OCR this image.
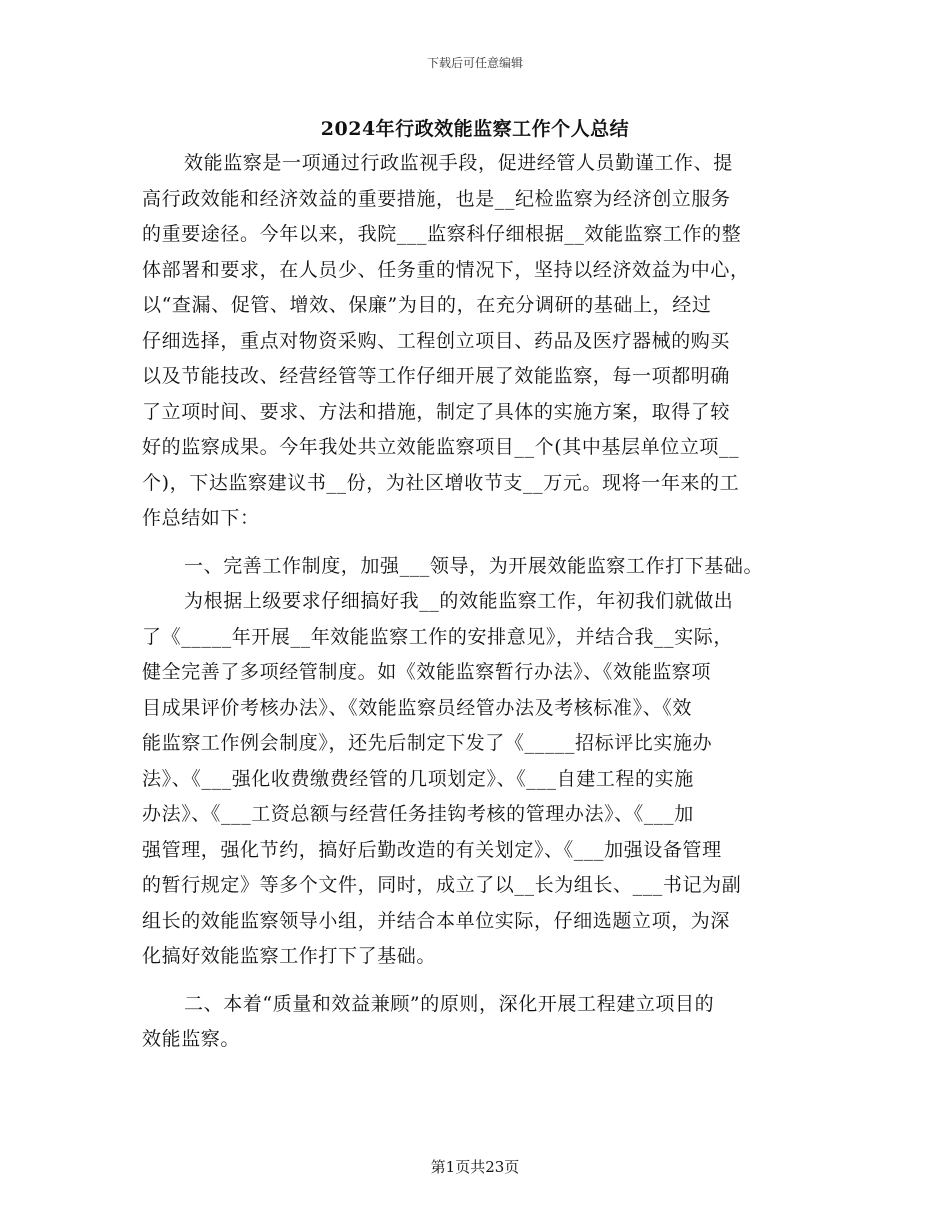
下载后可任意编辑
2024年行政效能监察工作个人总结
效能监察是一项通过行政监视手段，促进经管人员勤谨工作、提
高行政效能和经济效益的重要措施，也是__纪检监察为经济创立服务
的重要途径。今年以来，我院___监察科仔细根据__效能监察工作的整
体部署和要求，在人员少、任务重的情况下，坚持以经济效益为中心，
以“查漏、促管、增效、保廉”为目的，在充分调研的基础上，经过
仔细选择，重点对物资采购、工程创立项目、药品及医疗器械的购买
以及节能技改、经营经管等工作仔细开展了效能监察，每一项都明确
了立项时间、要求、方法和措施，制定了具体的实施方案，取得了较
好的监察成果。今年我处共立效能监察项目__个(其中基层单位立项__
个)，下达监察建议书__份，为社区增收节支__万元。现将一年来的工
作总结如下：
一、完善工作制度，加强___领导，为开展效能监察工作打下基础。
为根据上级要求仔细搞好我__的效能监察工作，年初我们就做出
了《_____年开展__年效能监察工作的安排意见》，并结合我__实际，
健全完善了多项经管制度。如《效能监察暂行办法》、《效能监察项
目成果评价考核办法》、《效能监察员经管办法及考核标准》、《效
能监察工作例会制度》，还先后制定下发了《_____招标评比实施办
法》、《___强化收费缴费经管的几项划定》、《___自建工程的实施
办法》、《___工资总额与经营任务挂钩考核的管理办法》、《___加
强管理，强化节约，搞好后勤改造的有关划定》、《___加强设备管理
的暂行规定》等多个文件，同时，成立了以__长为组长、___书记为副
组长的效能监察领导小组，并结合本单位实际，仔细选题立项，为深
化搞好效能监察工作打下了基础。
二、本着“质量和效益兼顾”的原则，深化开展工程建立项目的
效能监察。
第1页共23页
